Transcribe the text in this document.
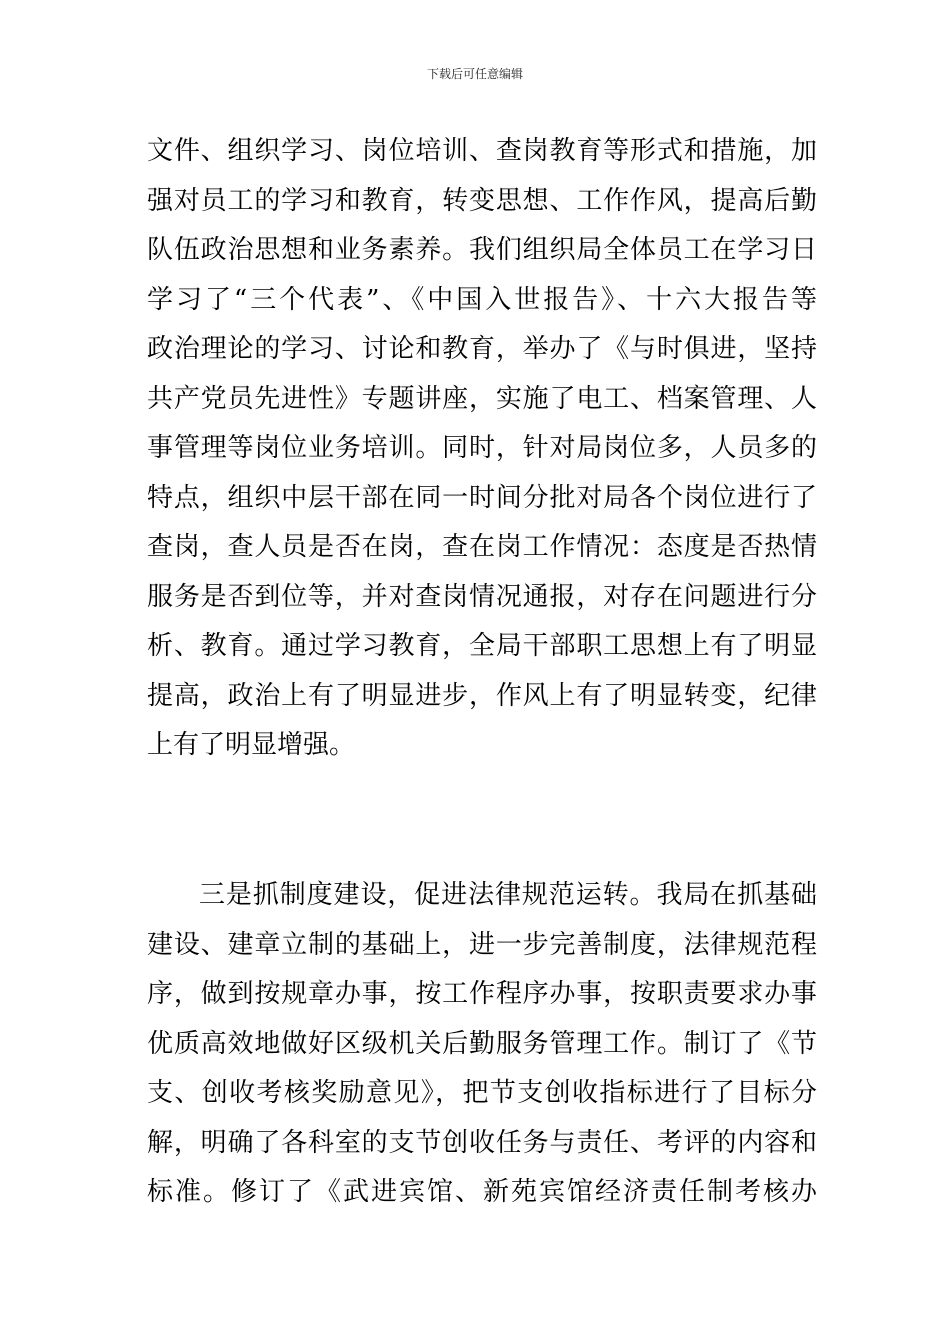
下载后可任意编辑
文件、组织学习、岗位培训、查岗教育等形式和措施，加
强对员工的学习和教育，转变思想、工作作风，提高后勤
队伍政治思想和业务素养。我们组织局全体员工在学习日
学习了“三个代表”、《中国入世报告》、十六大报告等
政治理论的学习、讨论和教育，举办了《与时俱进，坚持
共产党员先进性》专题讲座，实施了电工、档案管理、人
事管理等岗位业务培训。同时，针对局岗位多，人员多的
特点，组织中层干部在同一时间分批对局各个岗位进行了
查岗，查人员是否在岗，查在岗工作情况：态度是否热情
服务是否到位等，并对查岗情况通报，对存在问题进行分
析、教育。通过学习教育，全局干部职工思想上有了明显
提高，政治上有了明显进步，作风上有了明显转变，纪律
上有了明显增强。
三是抓制度建设，促进法律规范运转。我局在抓基础
建设、建章立制的基础上，进一步完善制度，法律规范程
序，做到按规章办事，按工作程序办事，按职责要求办事
优质高效地做好区级机关后勤服务管理工作。制订了《节
支、创收考核奖励意见》，把节支创收指标进行了目标分
解，明确了各科室的支节创收任务与责任、考评的内容和
标准。修订了《武进宾馆、新苑宾馆经济责任制考核办
